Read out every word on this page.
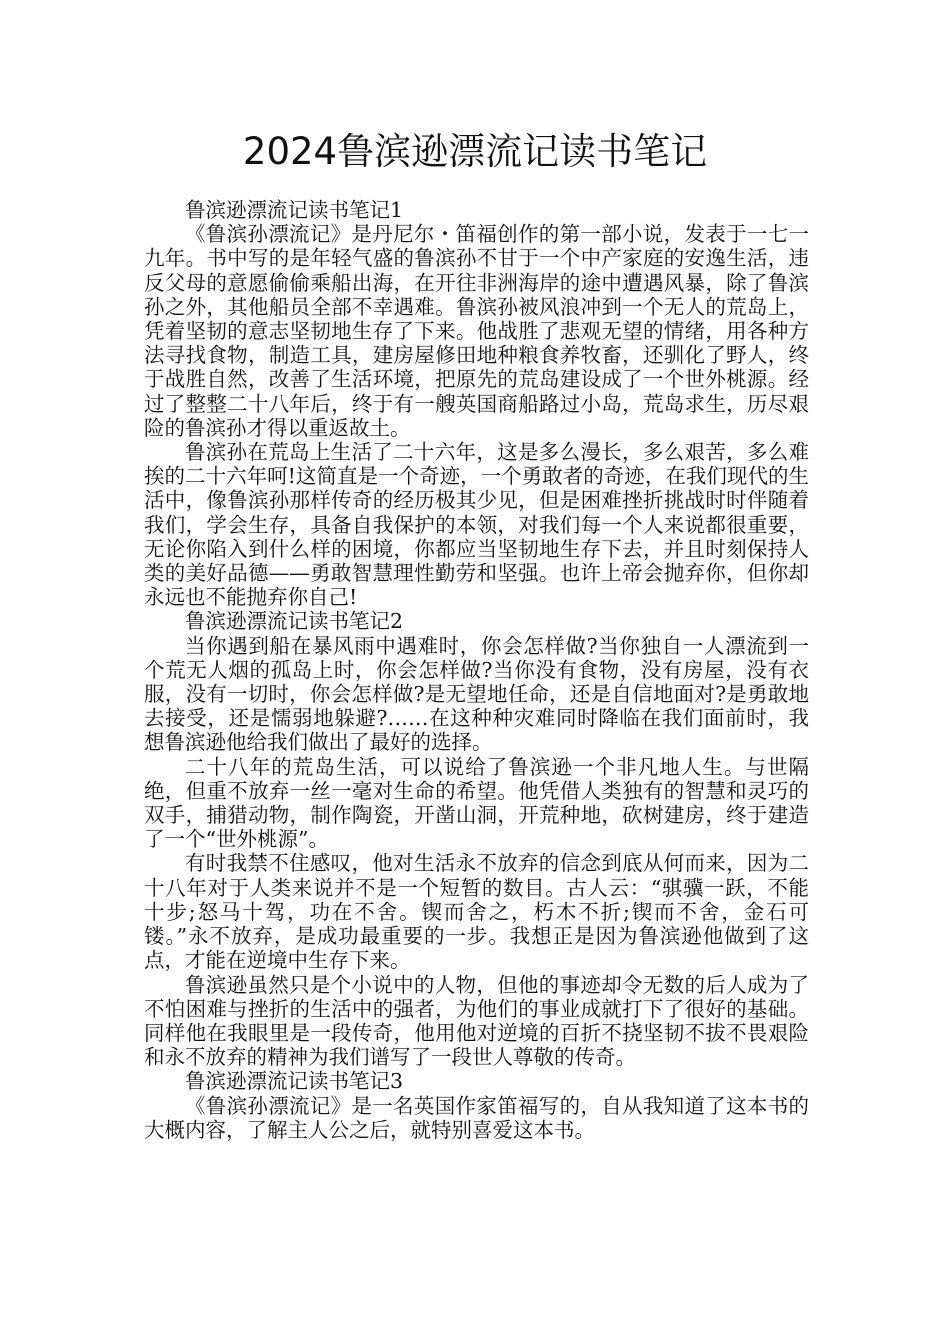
2024鲁滨逊漂流记读书笔记

鲁滨逊漂流记读书笔记1

《鲁滨孙漂流记》是丹尼尔・笛福创作的第一部小说，发表于一七一九年。书中写的是年轻气盛的鲁滨孙不甘于一个中产家庭的安逸生活，违反父母的意愿偷偷乘船出海，在开往非洲海岸的途中遭遇风暴，除了鲁滨孙之外，其他船员全部不幸遇难。鲁滨孙被风浪冲到一个无人的荒岛上，凭着坚韧的意志坚韧地生存了下来。他战胜了悲观无望的情绪，用各种方法寻找食物，制造工具，建房屋修田地种粮食养牧畜，还驯化了野人，终于战胜自然，改善了生活环境，把原先的荒岛建设成了一个世外桃源。经过了整整二十八年后，终于有一艘英国商船路过小岛，荒岛求生，历尽艰险的鲁滨孙才得以重返故土。

鲁滨孙在荒岛上生活了二十六年，这是多么漫长，多么艰苦，多么难挨的二十六年呵!这简直是一个奇迹，一个勇敢者的奇迹，在我们现代的生活中，像鲁滨孙那样传奇的经历极其少见，但是困难挫折挑战时时伴随着我们，学会生存，具备自我保护的本领，对我们每一个人来说都很重要，无论你陷入到什么样的困境，你都应当坚韧地生存下去，并且时刻保持人类的美好品德——勇敢智慧理性勤劳和坚强。也许上帝会抛弃你，但你却永远也不能抛弃你自己!

鲁滨逊漂流记读书笔记2

当你遇到船在暴风雨中遇难时，你会怎样做?当你独自一人漂流到一个荒无人烟的孤岛上时，你会怎样做?当你没有食物，没有房屋，没有衣服，没有一切时，你会怎样做?是无望地任命，还是自信地面对?是勇敢地去接受，还是懦弱地躲避?……在这种种灾难同时降临在我们面前时，我想鲁滨逊他给我们做出了最好的选择。

二十八年的荒岛生活，可以说给了鲁滨逊一个非凡地人生。与世隔绝，但重不放弃一丝一毫对生命的希望。他凭借人类独有的智慧和灵巧的双手，捕猎动物，制作陶瓷，开凿山洞，开荒种地，砍树建房，终于建造了一个“世外桃源”。

有时我禁不住感叹，他对生活永不放弃的信念到底从何而来，因为二十八年对于人类来说并不是一个短暂的数目。古人云：“骐骥一跃，不能十步;怒马十驾，功在不舍。锲而舍之，朽木不折;锲而不舍，金石可镂。”永不放弃，是成功最重要的一步。我想正是因为鲁滨逊他做到了这点，才能在逆境中生存下来。

鲁滨逊虽然只是个小说中的人物，但他的事迹却令无数的后人成为了不怕困难与挫折的生活中的强者，为他们的事业成就打下了很好的基础。同样他在我眼里是一段传奇，他用他对逆境的百折不挠坚韧不拔不畏艰险和永不放弃的精神为我们谱写了一段世人尊敬的传奇。

鲁滨逊漂流记读书笔记3

《鲁滨孙漂流记》是一名英国作家笛福写的，自从我知道了这本书的大概内容，了解主人公之后，就特别喜爱这本书。
